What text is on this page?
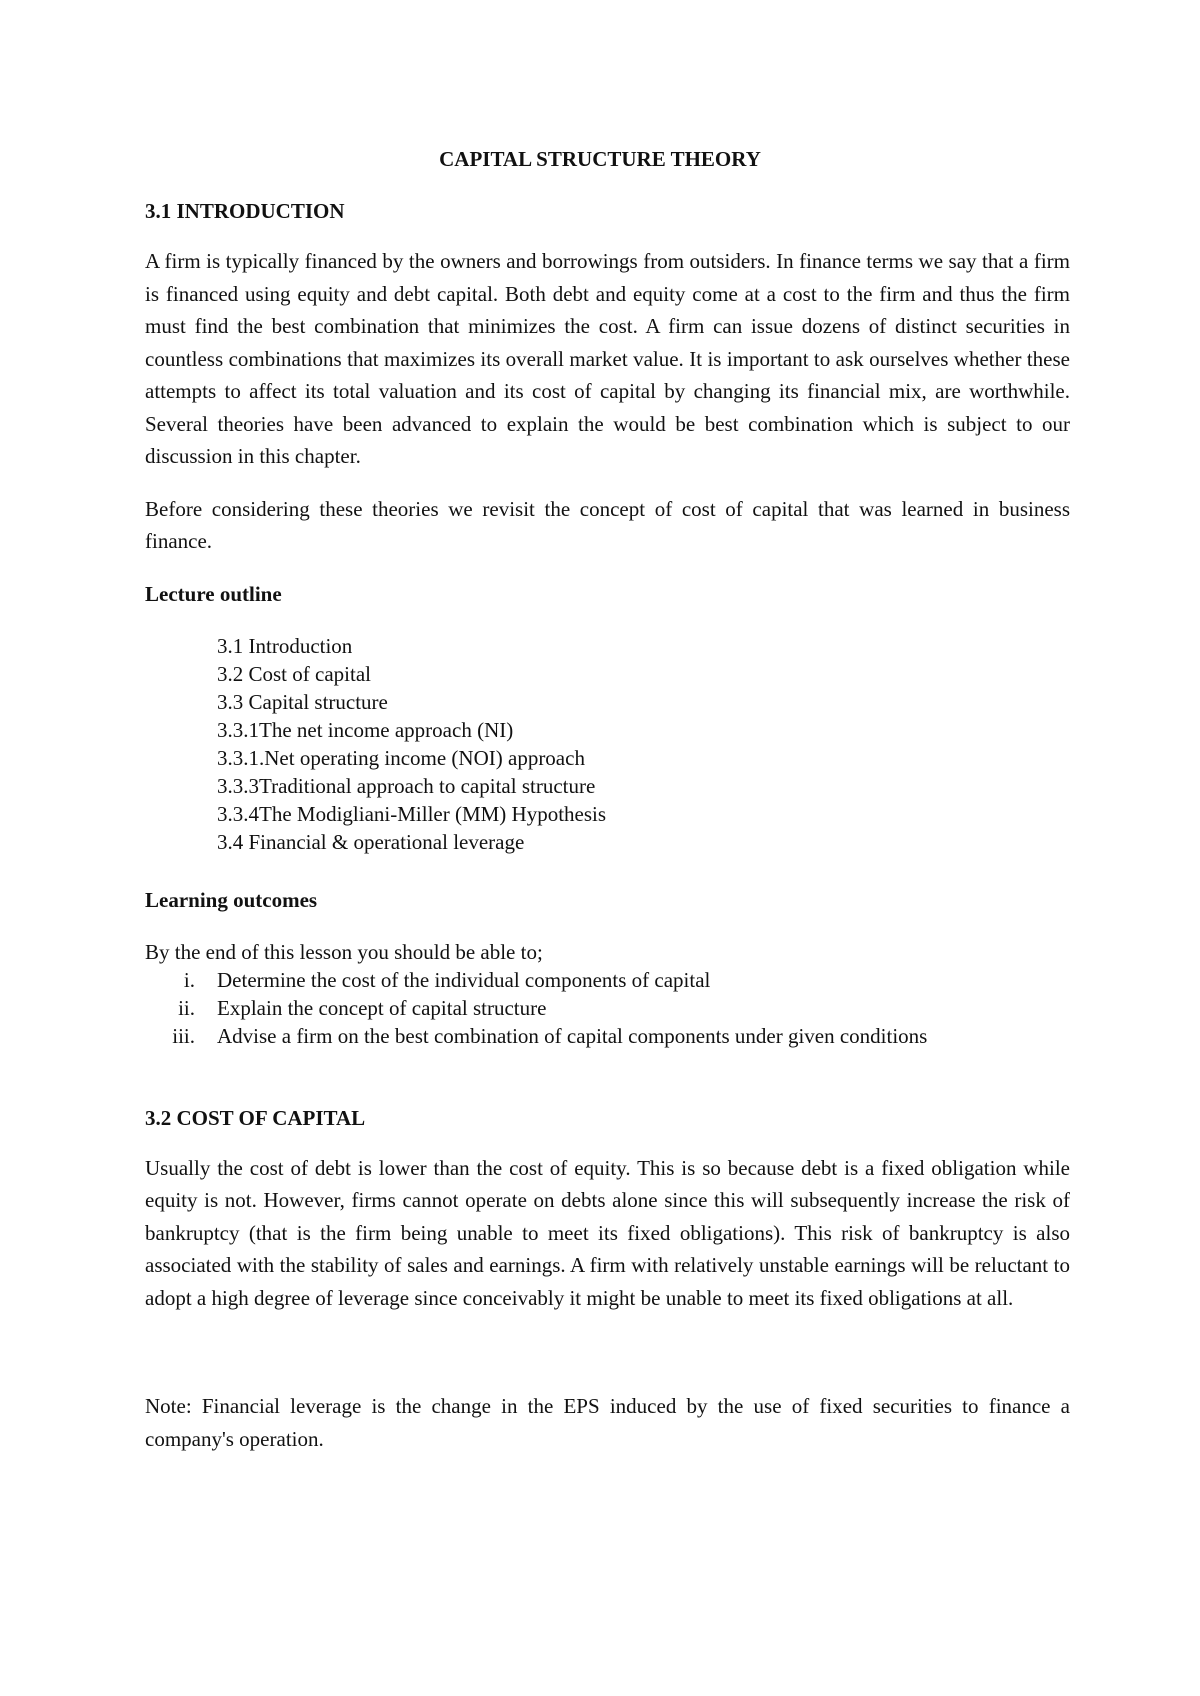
CAPITAL STRUCTURE THEORY
3.1 INTRODUCTION

A firm is typically financed by the owners and borrowings from outsiders. In finance terms we say that a firm is financed using equity and debt capital. Both debt and equity come at a cost to the firm and thus the firm must find the best combination that minimizes the cost. A firm can issue dozens of distinct securities in countless combinations that maximizes its overall market value. It is important to ask ourselves whether these attempts to affect its total valuation and its cost of capital by changing its financial mix, are worthwhile. Several theories have been advanced to explain the would be best combination which is subject to our discussion in this chapter.

Before considering these theories we revisit the concept of cost of capital that was learned in business finance.

Lecture outline
3.1 Introduction
3.2 Cost of capital
3.3 Capital structure
3.3.1The net income approach (NI)
3.3.1.Net operating income (NOI) approach
3.3.3Traditional approach to capital structure
3.3.4The Modigliani-Miller (MM) Hypothesis
3.4 Financial & operational leverage
Learning outcomes

By the end of this lesson you should be able to;

i.	Determine the cost of the individual components of capital
ii.	Explain the concept of capital structure
iii.	Advise a firm on the best combination of capital components under given conditions
3.2 COST OF CAPITAL

Usually the cost of debt is lower than the cost of equity. This is so because debt is a fixed obligation while equity is not. However, firms cannot operate on debts alone since this will subsequently increase the risk of bankruptcy (that is the firm being unable to meet its fixed obligations). This risk of bankruptcy is also associated with the stability of sales and earnings. A firm with relatively unstable earnings will be reluctant to adopt a high degree of leverage since conceivably it might be unable to meet its fixed obligations at all.

Note: Financial leverage is the change in the EPS induced by the use of fixed securities to finance a company's operation.
